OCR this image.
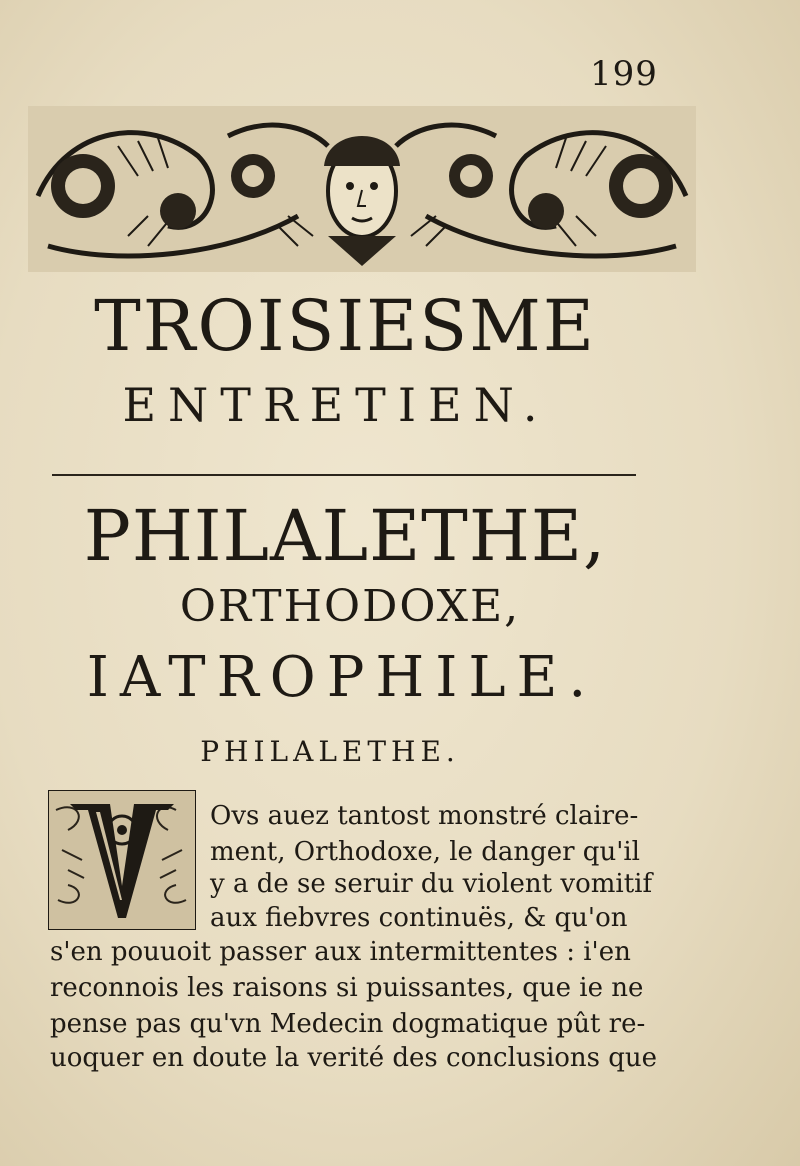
199
TROISIESME
ENTRETIEN.
PHILALETHE,
ORTHODOXE,
IATROPHILE.
PHILALETHE.
Ovs auez tantost monstré claire-
ment, Orthodoxe, le danger qu'il
y a de se seruir du violent vomitif
aux fiebvres continuës, & qu'on
s'en pouuoit passer aux intermittentes : i'en
reconnois les raisons si puissantes, que ie ne
pense pas qu'vn Medecin dogmatique pût re-
uoquer en doute la verité des conclusions que
